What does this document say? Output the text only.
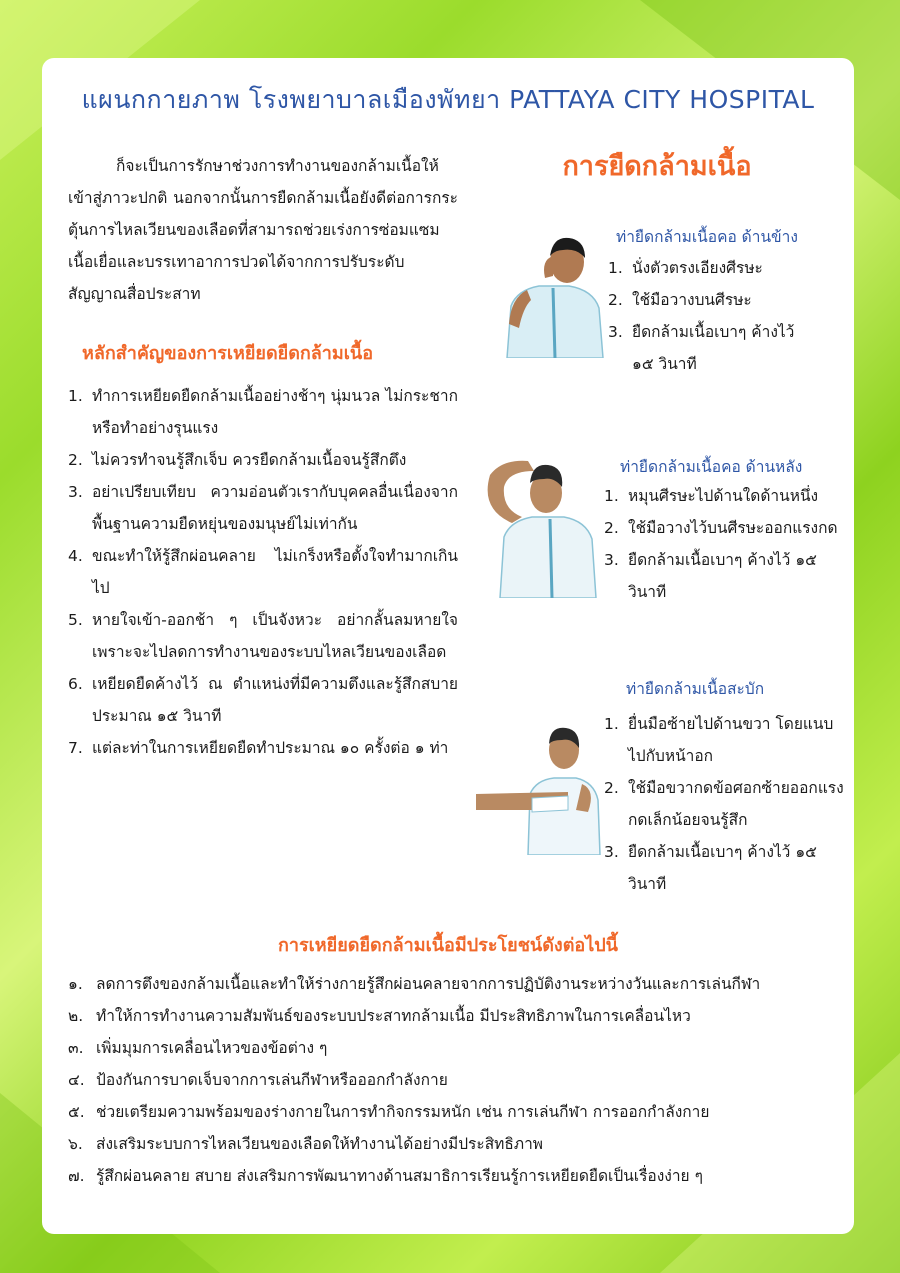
แผนกกายภาพ โรงพยาบาลเมืองพัทยา PATTAYA CITY HOSPITAL
ก็จะเป็นการรักษาช่วงการทำงานของกล้ามเนื้อให้เข้าสู่ภาวะปกติ นอกจากนั้นการยืดกล้ามเนื้อยังดีต่อการกระตุ้นการไหลเวียนของเลือดที่สามารถช่วยเร่งการซ่อมแซมเนื้อเยื่อและบรรเทาอาการปวดได้จากการปรับระดับสัญญาณสื่อประสาท
หลักสำคัญของการเหยียดยืดกล้ามเนื้อ
1. ทำการเหยียดยืดกล้ามเนื้ออย่างช้าๆ นุ่มนวล ไม่กระชากหรือทำอย่างรุนแรง
2. ไม่ควรทำจนรู้สึกเจ็บ ควรยืดกล้ามเนื้อจนรู้สึกตึง
3. อย่าเปรียบเทียบ ความอ่อนตัวเรากับบุคคลอื่นเนื่องจากพื้นฐานความยืดหยุ่นของมนุษย์ไม่เท่ากัน
4. ขณะทำให้รู้สึกผ่อนคลาย ไม่เกร็งหรือตั้งใจทำมากเกินไป
5. หายใจเข้า-ออกช้า ๆ เป็นจังหวะ อย่ากลั้นลมหายใจเพราะจะไปลดการทำงานของระบบไหลเวียนของเลือด
6. เหยียดยืดค้างไว้ ณ ตำแหน่งที่มีความตึงและรู้สึกสบายประมาณ ๑๕ วินาที
7. แต่ละท่าในการเหยียดยืดทำประมาณ ๑๐ ครั้งต่อ ๑ ท่า
การยืดกล้ามเนื้อ
ท่ายืดกล้ามเนื้อคอ ด้านข้าง
1. นั่งตัวตรงเอียงศีรษะ
2. ใช้มือวางบนศีรษะ
3. ยืดกล้ามเนื้อเบาๆ ค้างไว้ ๑๕ วินาที
ท่ายืดกล้ามเนื้อคอ ด้านหลัง
1. หมุนศีรษะไปด้านใดด้านหนึ่ง
2. ใช้มือวางไว้บนศีรษะออกแรงกด
3. ยืดกล้ามเนื้อเบาๆ ค้างไว้ ๑๕ วินาที
ท่ายืดกล้ามเนื้อสะบัก
1. ยื่นมือซ้ายไปด้านขวา โดยแนบไปกับหน้าอก
2. ใช้มือขวากดข้อศอกซ้ายออกแรงกดเล็กน้อยจนรู้สึก
3. ยืดกล้ามเนื้อเบาๆ ค้างไว้ ๑๕ วินาที
การเหยียดยืดกล้ามเนื้อมีประโยชน์ดังต่อไปนี้
๑. ลดการตึงของกล้ามเนื้อและทำให้ร่างกายรู้สึกผ่อนคลายจากการปฏิบัติงานระหว่างวันและการเล่นกีฬา
๒. ทำให้การทำงานความสัมพันธ์ของระบบประสาทกล้ามเนื้อ มีประสิทธิภาพในการเคลื่อนไหว
๓. เพิ่มมุมการเคลื่อนไหวของข้อต่าง ๆ
๔. ป้องกันการบาดเจ็บจากการเล่นกีฬาหรือออกกำลังกาย
๕. ช่วยเตรียมความพร้อมของร่างกายในการทำกิจกรรมหนัก เช่น การเล่นกีฬา การออกกำลังกาย
๖. ส่งเสริมระบบการไหลเวียนของเลือดให้ทำงานได้อย่างมีประสิทธิภาพ
๗. รู้สึกผ่อนคลาย สบาย ส่งเสริมการพัฒนาทางด้านสมาธิการเรียนรู้การเหยียดยืดเป็นเรื่องง่าย ๆ
